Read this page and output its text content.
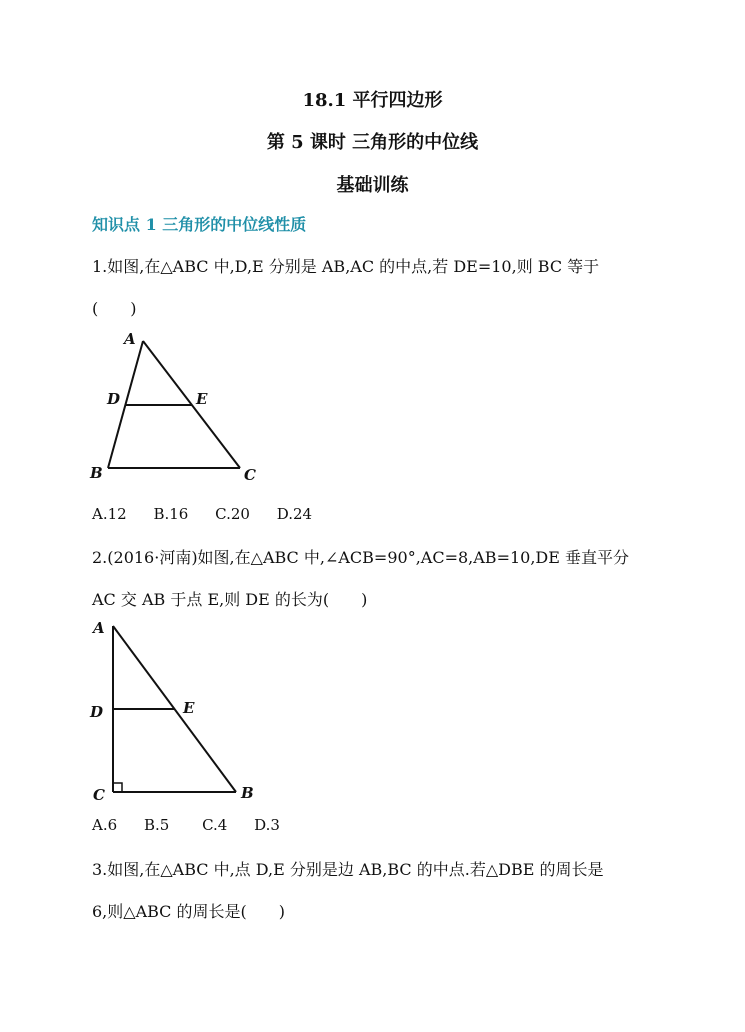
18.1 平行四边形
第 5 课时 三角形的中位线
基础训练
知识点 1 三角形的中位线性质
1.如图,在△ABC 中,D,E 分别是 AB,AC 的中点,若 DE=10,则 BC 等于
(　　)
A
D	E
B	C
A
D	E
C	B
A.12 B.16 C.20 D.24
2.(2016·河南)如图,在△ABC 中,∠ACB=90°,AC=8,AB=10,DE 垂直平分
AC 交 AB 于点 E,则 DE 的长为(　　)
A.6 B.5 C.4 D.3
3.如图,在△ABC 中,点 D,E 分别是边 AB,BC 的中点.若△DBE 的周长是
6,则△ABC 的周长是(　　)
